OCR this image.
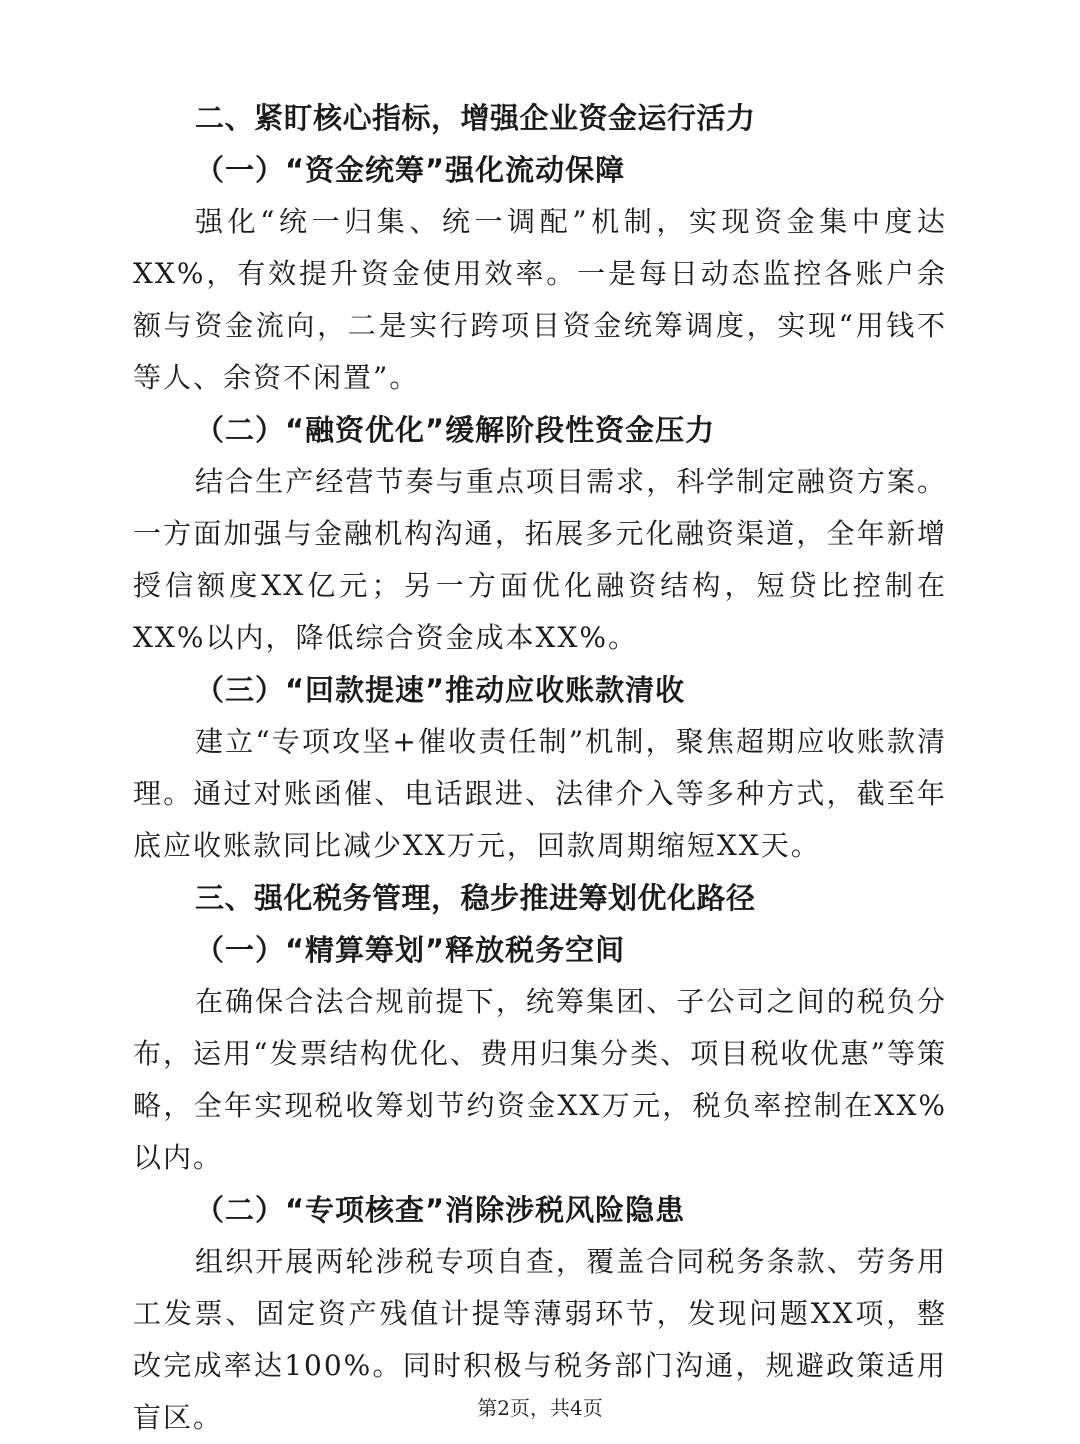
二、紧盯核心指标，增强企业资金运行活力
（一）“资金统筹”强化流动保障

强化“统一归集、统一调配”机制，实现资金集中度达XX%，有效提升资金使用效率。一是每日动态监控各账户余额与资金流向，二是实行跨项目资金统筹调度，实现“用钱不等人、余资不闲置”。

（二）“融资优化”缓解阶段性资金压力

结合生产经营节奏与重点项目需求，科学制定融资方案。一方面加强与金融机构沟通，拓展多元化融资渠道，全年新增授信额度XX亿元；另一方面优化融资结构，短贷比控制在XX%以内，降低综合资金成本XX%。

（三）“回款提速”推动应收账款清收

建立“专项攻坚+催收责任制”机制，聚焦超期应收账款清理。通过对账函催、电话跟进、法律介入等多种方式，截至年底应收账款同比减少XX万元，回款周期缩短XX天。

三、强化税务管理，稳步推进筹划优化路径
（一）“精算筹划”释放税务空间

在确保合法合规前提下，统筹集团、子公司之间的税负分布，运用“发票结构优化、费用归集分类、项目税收优惠”等策略，全年实现税收筹划节约资金XX万元，税负率控制在XX%以内。

（二）“专项核查”消除涉税风险隐患

组织开展两轮涉税专项自查，覆盖合同税务条款、劳务用工发票、固定资产残值计提等薄弱环节，发现问题XX项，整改完成率达100%。同时积极与税务部门沟通，规避政策适用盲区。	第2页，共4页
